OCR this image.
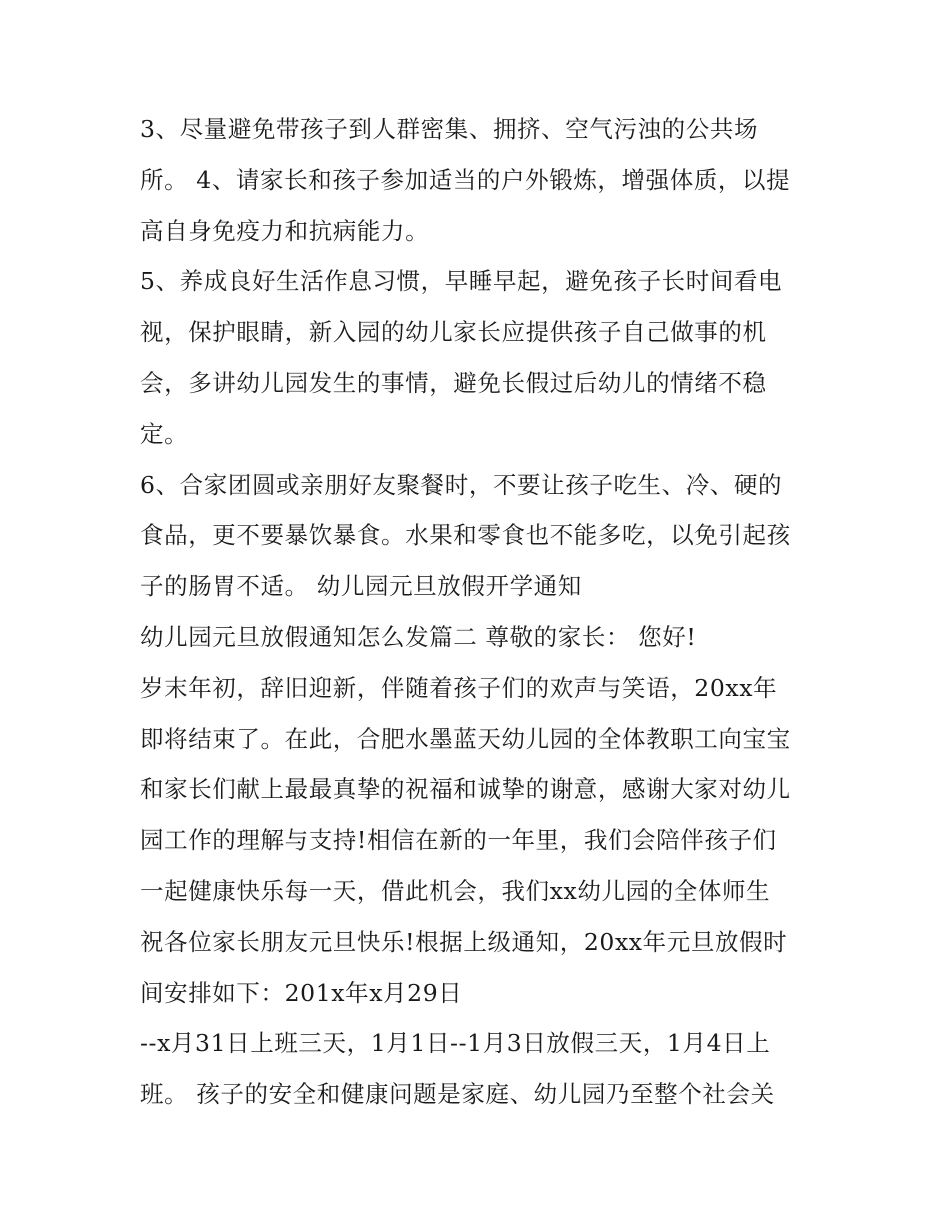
3、尽量避免带孩子到人群密集、拥挤、空气污浊的公共场
所。 4、请家长和孩子参加适当的户外锻炼，增强体质，以提
高自身免疫力和抗病能力。
5、养成良好生活作息习惯，早睡早起，避免孩子长时间看电
视，保护眼睛，新入园的幼儿家长应提供孩子自己做事的机
会，多讲幼儿园发生的事情，避免长假过后幼儿的情绪不稳
定。
6、合家团圆或亲朋好友聚餐时，不要让孩子吃生、冷、硬的
食品，更不要暴饮暴食。水果和零食也不能多吃，以免引起孩
子的肠胃不适。 幼儿园元旦放假开学通知
幼儿园元旦放假通知怎么发篇二 尊敬的家长： 您好!
岁末年初，辞旧迎新，伴随着孩子们的欢声与笑语，20xx年
即将结束了。在此，合肥水墨蓝天幼儿园的全体教职工向宝宝
和家长们献上最最真挚的祝福和诚挚的谢意，感谢大家对幼儿
园工作的理解与支持!相信在新的一年里，我们会陪伴孩子们
一起健康快乐每一天，借此机会，我们xx幼儿园的全体师生
祝各位家长朋友元旦快乐!根据上级通知，20xx年元旦放假时
间安排如下：201x年x月29日
--x月31日上班三天，1月1日--1月3日放假三天，1月4日上
班。 孩子的安全和健康问题是家庭、幼儿园乃至整个社会关
